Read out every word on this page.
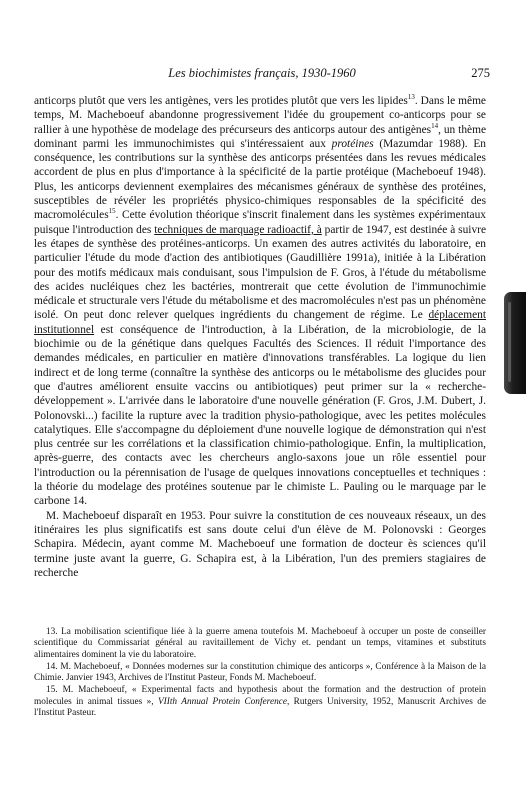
Les biochimistes français, 1930-1960	275

anticorps plutôt que vers les antigènes, vers les protides plutôt que vers les lipides$^{13}$. Dans le même temps, M. Macheboeuf abandonne progressivement l'idée du groupement co-anticorps pour se rallier à une hypothèse de modelage des précurseurs des anticorps autour des antigènes$^{14}$, un thème dominant parmi les immunochimistes qui s'intéressaient aux protéines (Mazumdar 1988). En conséquence, les contributions sur la synthèse des anticorps présentées dans les revues médicales accordent de plus en plus d'importance à la spécificité de la partie protéique (Macheboeuf 1948). Plus, les anticorps deviennent exemplaires des mécanismes généraux de synthèse des protéines, susceptibles de révéler les propriétés physico-chimiques responsables de la spécificité des macromolécules$^{15}$. Cette évolution théorique s'inscrit finalement dans les systèmes expérimentaux puisque l'introduction des techniques de marquage radioactif, à partir de 1947, est destinée à suivre les étapes de synthèse des protéines-anticorps. Un examen des autres activités du laboratoire, en particulier l'étude du mode d'action des antibiotiques (Gaudillière 1991a), initiée à la Libération pour des motifs médicaux mais conduisant, sous l'impulsion de F. Gros, à l'étude du métabolisme des acides nucléiques chez les bactéries, montrerait que cette évolution de l'immunochimie médicale et structurale vers l'étude du métabolisme et des macromolécules n'est pas un phénomène isolé. On peut donc relever quelques ingrédients du changement de régime. Le déplacement institutionnel est conséquence de l'introduction, à la Libération, de la microbiologie, de la biochimie ou de la génétique dans quelques Facultés des Sciences. Il réduit l'importance des demandes médicales, en particulier en matière d'innovations transférables. La logique du lien indirect et de long terme (connaître la synthèse des anticorps ou le métabolisme des glucides pour que d'autres améliorent ensuite vaccins ou antibiotiques) peut primer sur la « recherche-développement ». L'arrivée dans le laboratoire d'une nouvelle génération (F. Gros, J.M. Dubert, J. Polonovski...) facilite la rupture avec la tradition physio-pathologique, avec les petites molécules catalytiques. Elle s'accompagne du déploiement d'une nouvelle logique de démonstration qui n'est plus centrée sur les corrélations et la classification chimio-pathologique. Enfin, la multiplication, après-guerre, des contacts avec les chercheurs anglo-saxons joue un rôle essentiel pour l'introduction ou la pérennisation de l'usage de quelques innovations conceptuelles et techniques : la théorie du modelage des protéines soutenue par le chimiste L. Pauling ou le marquage par le carbone 14.

M. Macheboeuf disparaît en 1953. Pour suivre la constitution de ces nouveaux réseaux, un des itinéraires les plus significatifs est sans doute celui d'un élève de M. Polonovski : Georges Schapira. Médecin, ayant comme M. Macheboeuf une formation de docteur ès sciences qu'il termine juste avant la guerre, G. Schapira est, à la Libération, l'un des premiers stagiaires de recherche

13. La mobilisation scientifique liée à la guerre amena toutefois M. Macheboeuf à occuper un poste de conseiller scientifique du Commissariat général au ravitaillement de Vichy et. pendant un temps, vitamines et substituts alimentaires dominent la vie du laboratoire.

14. M. Macheboeuf, « Données modernes sur la constitution chimique des anticorps », Conférence à la Maison de la Chimie. Janvier 1943, Archives de l'Institut Pasteur, Fonds M. Macheboeuf.

15. M. Macheboeuf, « Experimental facts and hypothesis about the formation and the destruction of protein molecules in animal tissues », VIIth Annual Protein Conference, Rutgers University, 1952, Manuscrit Archives de l'Institut Pasteur.
